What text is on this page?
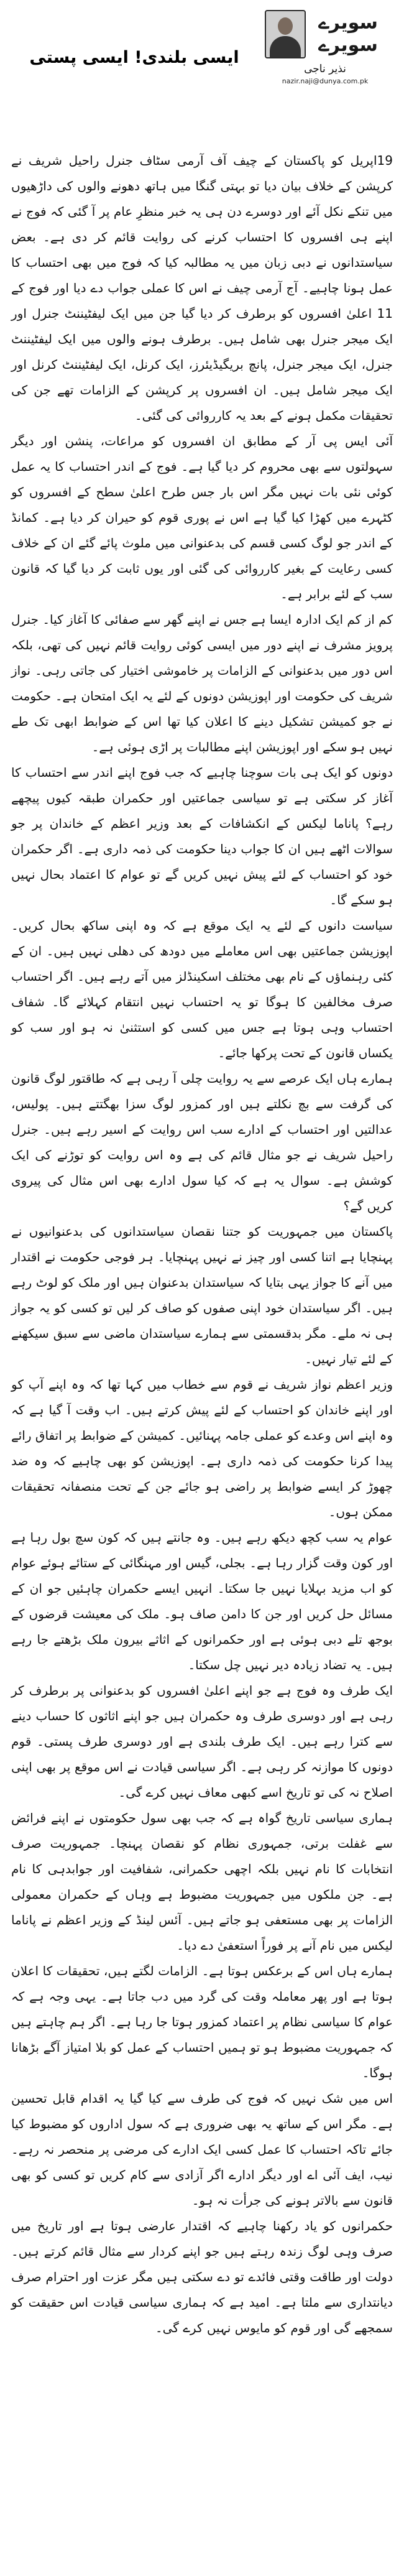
سویرے سویرے
نذیر ناجی
nazir.naji@dunya.com.pk
ایسی بلندی! ایسی پستی

19اپریل کو پاکستان کے چیف آف آرمی سٹاف جنرل راحیل شریف نے کرپشن کے خلاف بیان دیا تو بہتی گنگا میں ہاتھ دھونے والوں کی داڑھیوں میں تنکے نکل آئے اور دوسرے دن ہی یہ خبر منظرِ عام پر آ گئی کہ فوج نے اپنے ہی افسروں کا احتساب کرنے کی روایت قائم کر دی ہے۔ بعض سیاستدانوں نے دبی زبان میں یہ مطالبہ کیا کہ فوج میں بھی احتساب کا عمل ہونا چاہیے۔ آج آرمی چیف نے اس کا عملی جواب دے دیا اور فوج کے 11 اعلیٰ افسروں کو برطرف کر دیا گیا جن میں ایک لیفٹیننٹ جنرل اور ایک میجر جنرل بھی شامل ہیں۔ برطرف ہونے والوں میں ایک لیفٹیننٹ جنرل، ایک میجر جنرل، پانچ بریگیڈیئرز، ایک کرنل، ایک لیفٹیننٹ کرنل اور ایک میجر شامل ہیں۔ ان افسروں پر کرپشن کے الزامات تھے جن کی تحقیقات مکمل ہونے کے بعد یہ کارروائی کی گئی۔

آئی ایس پی آر کے مطابق ان افسروں کو مراعات، پنشن اور دیگر سہولتوں سے بھی محروم کر دیا گیا ہے۔ فوج کے اندر احتساب کا یہ عمل کوئی نئی بات نہیں مگر اس بار جس طرح اعلیٰ سطح کے افسروں کو کٹہرے میں کھڑا کیا گیا ہے اس نے پوری قوم کو حیران کر دیا ہے۔ کمانڈ کے اندر جو لوگ کسی قسم کی بدعنوانی میں ملوث پائے گئے ان کے خلاف کسی رعایت کے بغیر کارروائی کی گئی اور یوں ثابت کر دیا گیا کہ قانون سب کے لئے برابر ہے۔

کم از کم ایک ادارہ ایسا ہے جس نے اپنے گھر سے صفائی کا آغاز کیا۔ جنرل پرویز مشرف نے اپنے دور میں ایسی کوئی روایت قائم نہیں کی تھی، بلکہ اس دور میں بدعنوانی کے الزامات پر خاموشی اختیار کی جاتی رہی۔ نواز شریف کی حکومت اور اپوزیشن دونوں کے لئے یہ ایک امتحان ہے۔ حکومت نے جو کمیشن تشکیل دینے کا اعلان کیا تھا اس کے ضوابط ابھی تک طے نہیں ہو سکے اور اپوزیشن اپنے مطالبات پر اڑی ہوئی ہے۔

دونوں کو ایک ہی بات سوچنا چاہیے کہ جب فوج اپنے اندر سے احتساب کا آغاز کر سکتی ہے تو سیاسی جماعتیں اور حکمران طبقہ کیوں پیچھے رہے؟ پاناما لیکس کے انکشافات کے بعد وزیر اعظم کے خاندان پر جو سوالات اٹھے ہیں ان کا جواب دینا حکومت کی ذمہ داری ہے۔ اگر حکمران خود کو احتساب کے لئے پیش نہیں کریں گے تو عوام کا اعتماد بحال نہیں ہو سکے گا۔

سیاست دانوں کے لئے یہ ایک موقع ہے کہ وہ اپنی ساکھ بحال کریں۔ اپوزیشن جماعتیں بھی اس معاملے میں دودھ کی دھلی نہیں ہیں۔ ان کے کئی رہنماؤں کے نام بھی مختلف اسکینڈلز میں آتے رہے ہیں۔ اگر احتساب صرف مخالفین کا ہوگا تو یہ احتساب نہیں انتقام کہلائے گا۔ شفاف احتساب وہی ہوتا ہے جس میں کسی کو استثنیٰ نہ ہو اور سب کو یکساں قانون کے تحت پرکھا جائے۔

ہمارے ہاں ایک عرصے سے یہ روایت چلی آ رہی ہے کہ طاقتور لوگ قانون کی گرفت سے بچ نکلتے ہیں اور کمزور لوگ سزا بھگتتے ہیں۔ پولیس، عدالتیں اور احتساب کے ادارے سب اس روایت کے اسیر رہے ہیں۔ جنرل راحیل شریف نے جو مثال قائم کی ہے وہ اس روایت کو توڑنے کی ایک کوشش ہے۔ سوال یہ ہے کہ کیا سول ادارے بھی اس مثال کی پیروی کریں گے؟

پاکستان میں جمہوریت کو جتنا نقصان سیاستدانوں کی بدعنوانیوں نے پہنچایا ہے اتنا کسی اور چیز نے نہیں پہنچایا۔ ہر فوجی حکومت نے اقتدار میں آنے کا جواز یہی بتایا کہ سیاستدان بدعنوان ہیں اور ملک کو لوٹ رہے ہیں۔ اگر سیاستدان خود اپنی صفوں کو صاف کر لیں تو کسی کو یہ جواز ہی نہ ملے۔ مگر بدقسمتی سے ہمارے سیاستدان ماضی سے سبق سیکھنے کے لئے تیار نہیں۔

وزیر اعظم نواز شریف نے قوم سے خطاب میں کہا تھا کہ وہ اپنے آپ کو اور اپنے خاندان کو احتساب کے لئے پیش کرتے ہیں۔ اب وقت آ گیا ہے کہ وہ اپنے اس وعدے کو عملی جامہ پہنائیں۔ کمیشن کے ضوابط پر اتفاق رائے پیدا کرنا حکومت کی ذمہ داری ہے۔ اپوزیشن کو بھی چاہیے کہ وہ ضد چھوڑ کر ایسے ضوابط پر راضی ہو جائے جن کے تحت منصفانہ تحقیقات ممکن ہوں۔

عوام یہ سب کچھ دیکھ رہے ہیں۔ وہ جانتے ہیں کہ کون سچ بول رہا ہے اور کون وقت گزار رہا ہے۔ بجلی، گیس اور مہنگائی کے ستائے ہوئے عوام کو اب مزید بہلایا نہیں جا سکتا۔ انہیں ایسے حکمران چاہئیں جو ان کے مسائل حل کریں اور جن کا دامن صاف ہو۔ ملک کی معیشت قرضوں کے بوجھ تلے دبی ہوئی ہے اور حکمرانوں کے اثاثے بیرون ملک بڑھتے جا رہے ہیں۔ یہ تضاد زیادہ دیر نہیں چل سکتا۔

ایک طرف وہ فوج ہے جو اپنے اعلیٰ افسروں کو بدعنوانی پر برطرف کر رہی ہے اور دوسری طرف وہ حکمران ہیں جو اپنے اثاثوں کا حساب دینے سے کترا رہے ہیں۔ ایک طرف بلندی ہے اور دوسری طرف پستی۔ قوم دونوں کا موازنہ کر رہی ہے۔ اگر سیاسی قیادت نے اس موقع پر بھی اپنی اصلاح نہ کی تو تاریخ اسے کبھی معاف نہیں کرے گی۔

ہماری سیاسی تاریخ گواہ ہے کہ جب بھی سول حکومتوں نے اپنے فرائض سے غفلت برتی، جمہوری نظام کو نقصان پہنچا۔ جمہوریت صرف انتخابات کا نام نہیں بلکہ اچھی حکمرانی، شفافیت اور جوابدہی کا نام ہے۔ جن ملکوں میں جمہوریت مضبوط ہے وہاں کے حکمران معمولی الزامات پر بھی مستعفی ہو جاتے ہیں۔ آئس لینڈ کے وزیر اعظم نے پاناما لیکس میں نام آنے پر فوراً استعفیٰ دے دیا۔

ہمارے ہاں اس کے برعکس ہوتا ہے۔ الزامات لگتے ہیں، تحقیقات کا اعلان ہوتا ہے اور پھر معاملہ وقت کی گرد میں دب جاتا ہے۔ یہی وجہ ہے کہ عوام کا سیاسی نظام پر اعتماد کمزور ہوتا جا رہا ہے۔ اگر ہم چاہتے ہیں کہ جمہوریت مضبوط ہو تو ہمیں احتساب کے عمل کو بلا امتیاز آگے بڑھانا ہوگا۔

اس میں شک نہیں کہ فوج کی طرف سے کیا گیا یہ اقدام قابل تحسین ہے۔ مگر اس کے ساتھ یہ بھی ضروری ہے کہ سول اداروں کو مضبوط کیا جائے تاکہ احتساب کا عمل کسی ایک ادارے کی مرضی پر منحصر نہ رہے۔ نیب، ایف آئی اے اور دیگر ادارے اگر آزادی سے کام کریں تو کسی کو بھی قانون سے بالاتر ہونے کی جرأت نہ ہو۔

حکمرانوں کو یاد رکھنا چاہیے کہ اقتدار عارضی ہوتا ہے اور تاریخ میں صرف وہی لوگ زندہ رہتے ہیں جو اپنے کردار سے مثال قائم کرتے ہیں۔ دولت اور طاقت وقتی فائدے تو دے سکتی ہیں مگر عزت اور احترام صرف دیانتداری سے ملتا ہے۔ امید ہے کہ ہماری سیاسی قیادت اس حقیقت کو سمجھے گی اور قوم کو مایوس نہیں کرے گی۔
